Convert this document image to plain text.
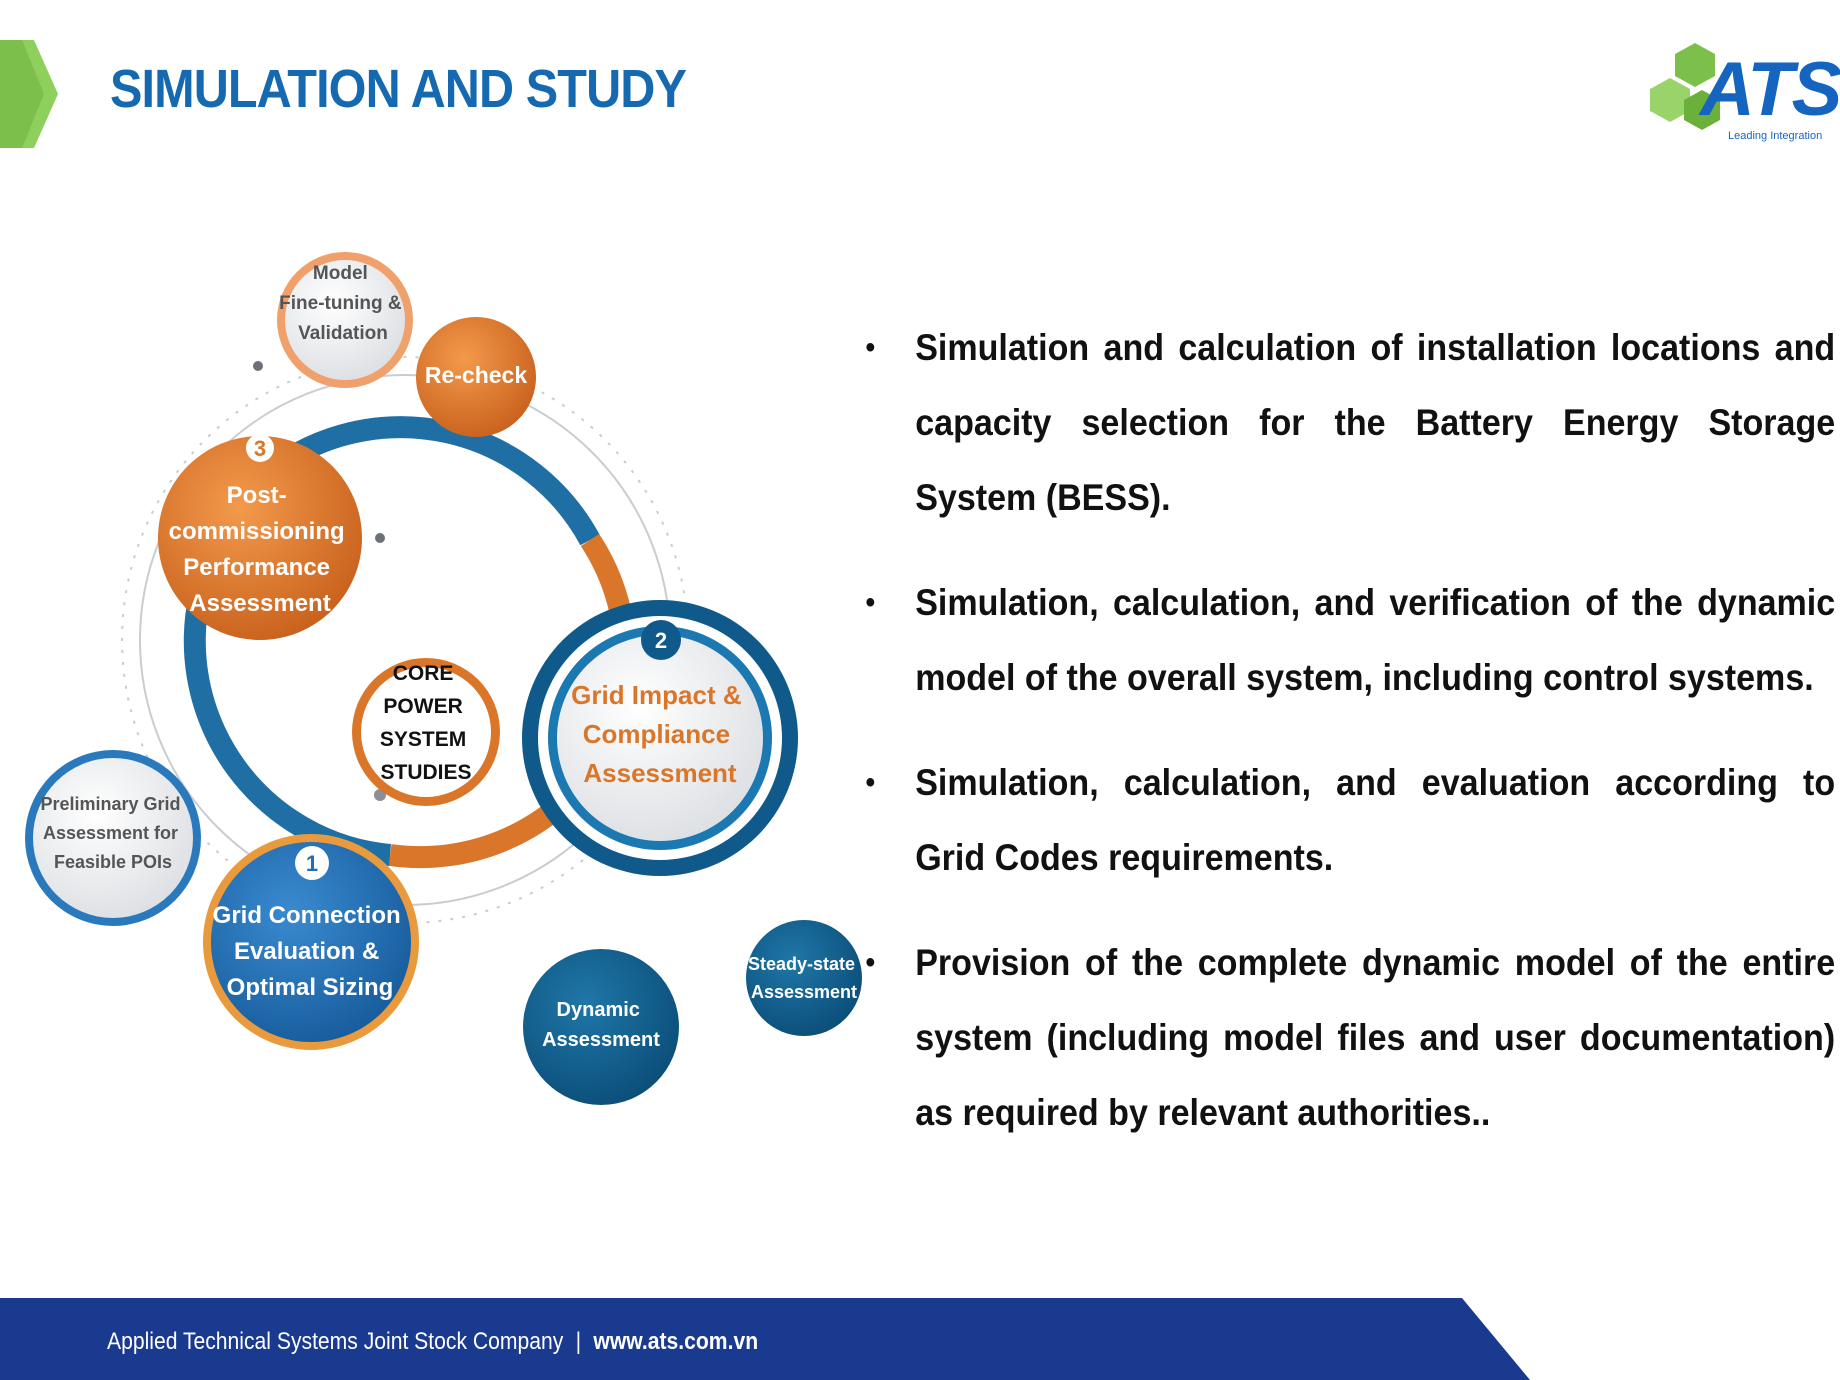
SIMULATION AND STUDY	ATS
Leading Integration
Model Fine-tuning & Validation
Re-check
3
Post- commissioning Performance Assessment
CORE POWER SYSTEM STUDIES
2
Grid Impact & Compliance Assessment
Preliminary Grid Assessment for Feasible POIs	1
Grid Connection Evaluation & Optimal Sizing
Dynamic Assessment
Steady-state Assessment
• Simulation and calculation of installation locations and capacity selection for the Battery Energy Storage System (BESS).
• Simulation, calculation, and verification of the dynamic model of the overall system, including control systems.
• Simulation, calculation, and evaluation according to Grid Codes requirements.
• Provision of the complete dynamic model of the entire system (including model files and user documentation) as required by relevant authorities..
Applied Technical Systems Joint Stock Company | www.ats.com.vn
